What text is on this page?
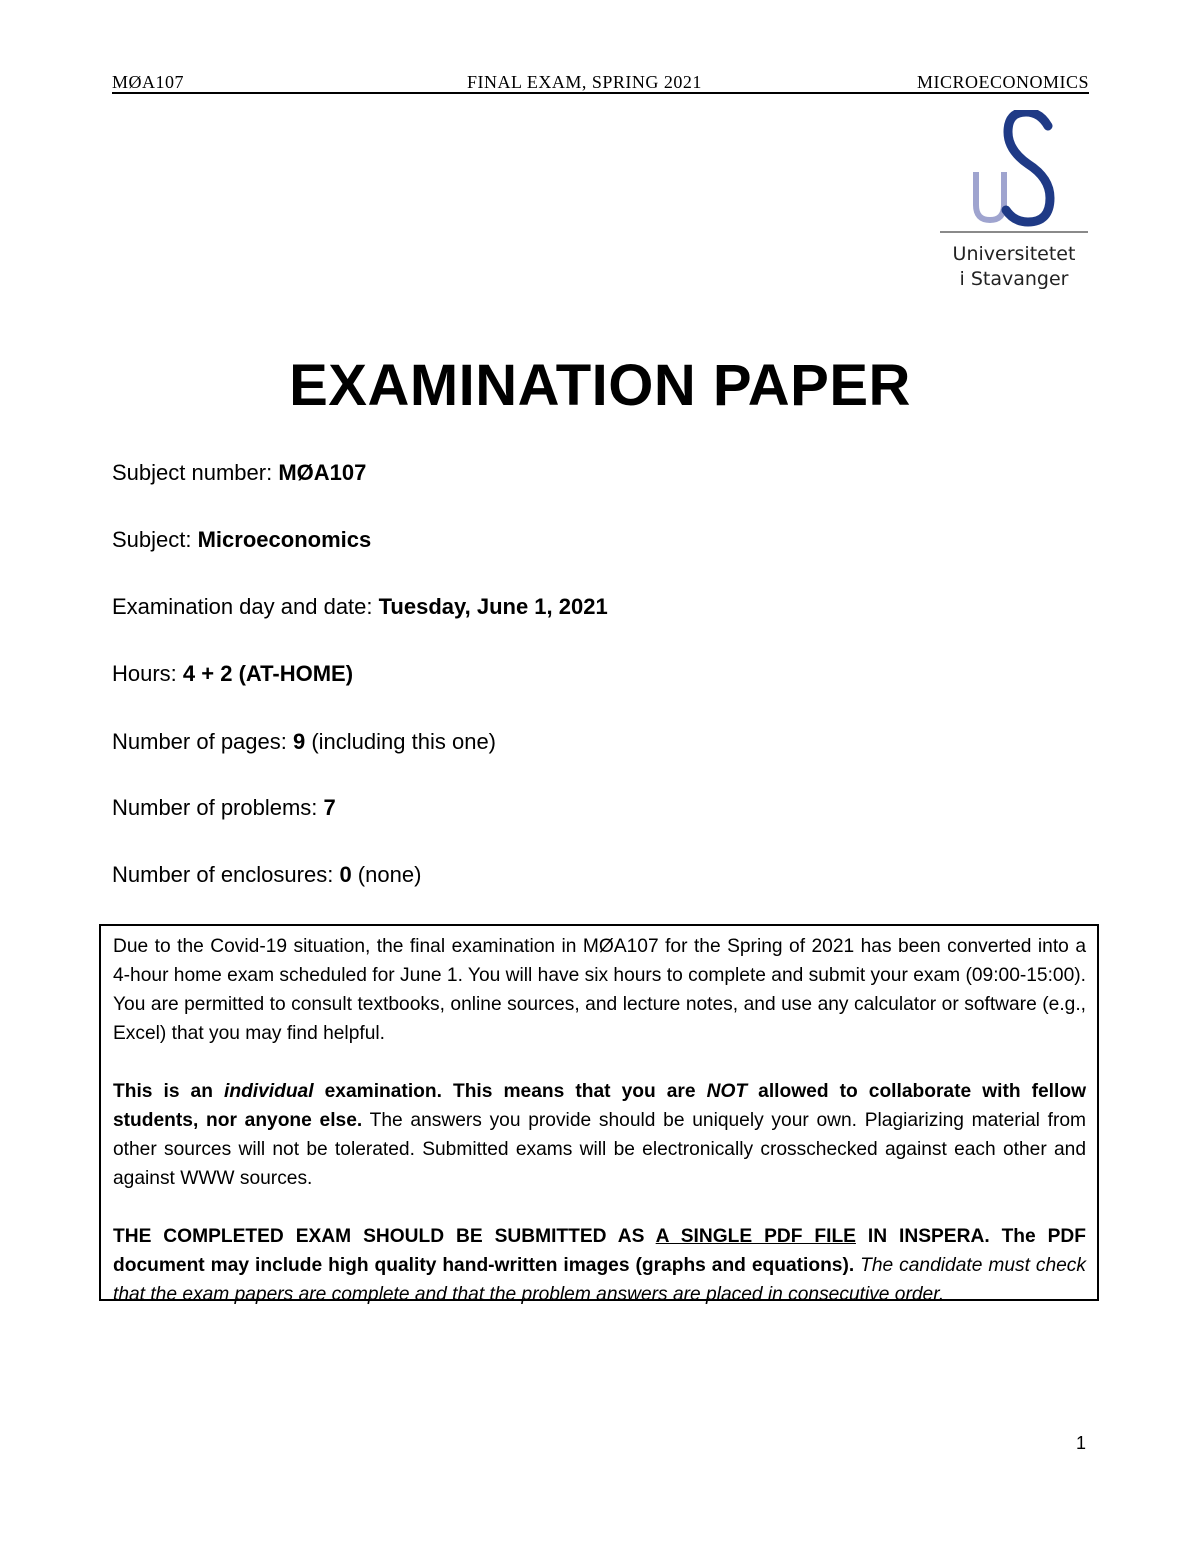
MØA107	FINAL EXAM, SPRING 2021	MICROECONOMICS
Universitetet
i Stavanger
EXAMINATION PAPER
Subject number: MØA107
Subject: Microeconomics
Examination day and date: Tuesday, June 1, 2021
Hours: 4 + 2 (AT-HOME)
Number of pages: 9 (including this one)
Number of problems: 7
Number of enclosures: 0 (none)

Due to the Covid-19 situation, the final examination in MØA107 for the Spring of 2021 has been converted into a 4-hour home exam scheduled for June 1. You will have six hours to complete and submit your exam (09:00-15:00). You are permitted to consult textbooks, online sources, and lecture notes, and use any calculator or software (e.g., Excel) that you may find helpful.

This is an individual examination. This means that you are NOT allowed to collaborate with fellow students, nor anyone else. The answers you provide should be uniquely your own. Plagiarizing material from other sources will not be tolerated. Submitted exams will be electronically crosschecked against each other and against WWW sources.

THE COMPLETED EXAM SHOULD BE SUBMITTED AS A SINGLE PDF FILE IN INSPERA. The PDF document may include high quality hand-written images (graphs and equations). The candidate must check that the exam papers are complete and that the problem answers are placed in consecutive order.

1
